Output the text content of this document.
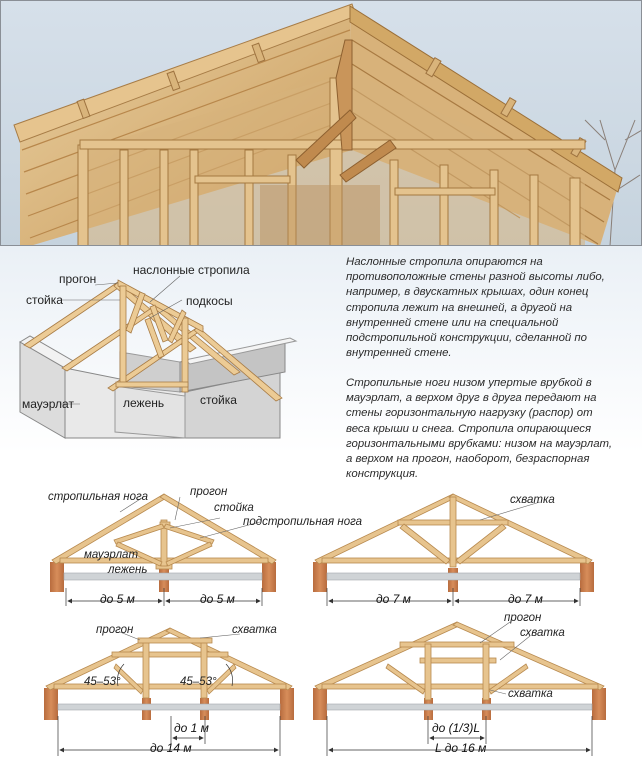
Наслонные стропила опираются на противоположные стены разной высоты либо, например, в двускатных крышах, один конец стропила лежит на внешней, а другой на внутренней стене или на специальной подстропильной конструкции, сделанной по внутренней стене.

Стропильные ноги низом упертые врубкой в мауэрлат, а верхом друг в друга передают на стены горизонтальную нагрузку (распор) от веса крыши и снега. Стропила опирающиеся горизонтальными врубками: низом на мауэрлат, а верхом на прогон, наоборот, безраспорная конструкция.

прогон
наслонные стропила
стойка	подкосы
мауэрлат	лежень	стойка
стропильная нога	прогон
стойка
подстропильная нога
мауэрлат
лежень
до 5 м	до 5 м
схватка
до 7 м	до 7 м
прогон	схватка
45–53°	45–53°
до 1 м
до 14 м
прогон
схватка
схватка
до (1/3)L
L до 16 м
